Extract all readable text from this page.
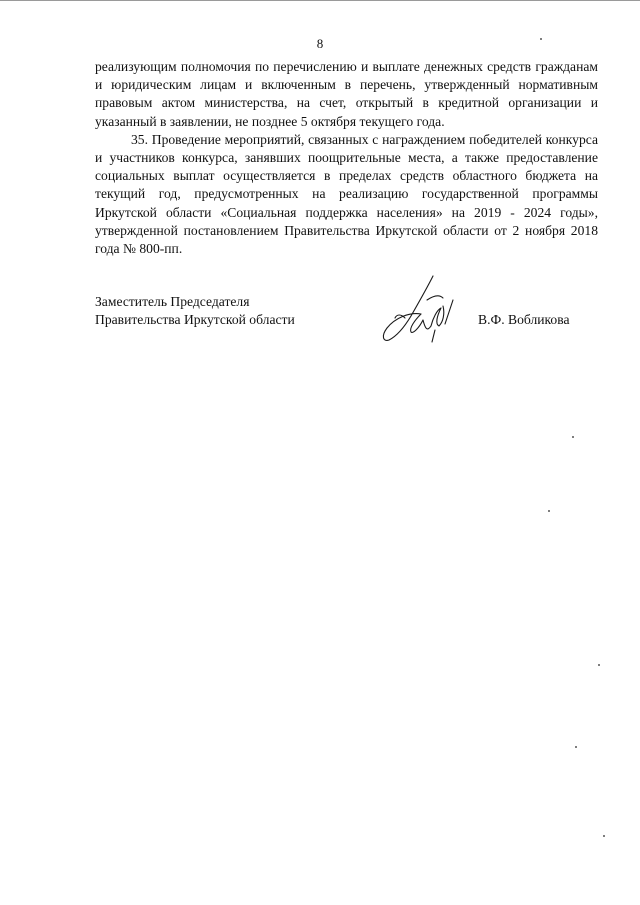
8

реализующим полномочия по перечислению и выплате денежных средств гражданам и юридическим лицам и включенным в перечень, утвержденный нормативным правовым актом министерства, на счет, открытый в кредитной организации и указанный в заявлении, не позднее 5 октября текущего года.

35. Проведение мероприятий, связанных с награждением победителей конкурса и участников конкурса, занявших поощрительные места, а также предоставление социальных выплат осуществляется в пределах средств областного бюджета на текущий год, предусмотренных на реализацию государственной программы Иркутской области «Социальная поддержка населения» на 2019 - 2024 годы», утвержденной постановлением Правительства Иркутской области от 2 ноября 2018 года № 800-пп.

Заместитель Председателя
Правительства Иркутской области	В.Ф. Вобликова
